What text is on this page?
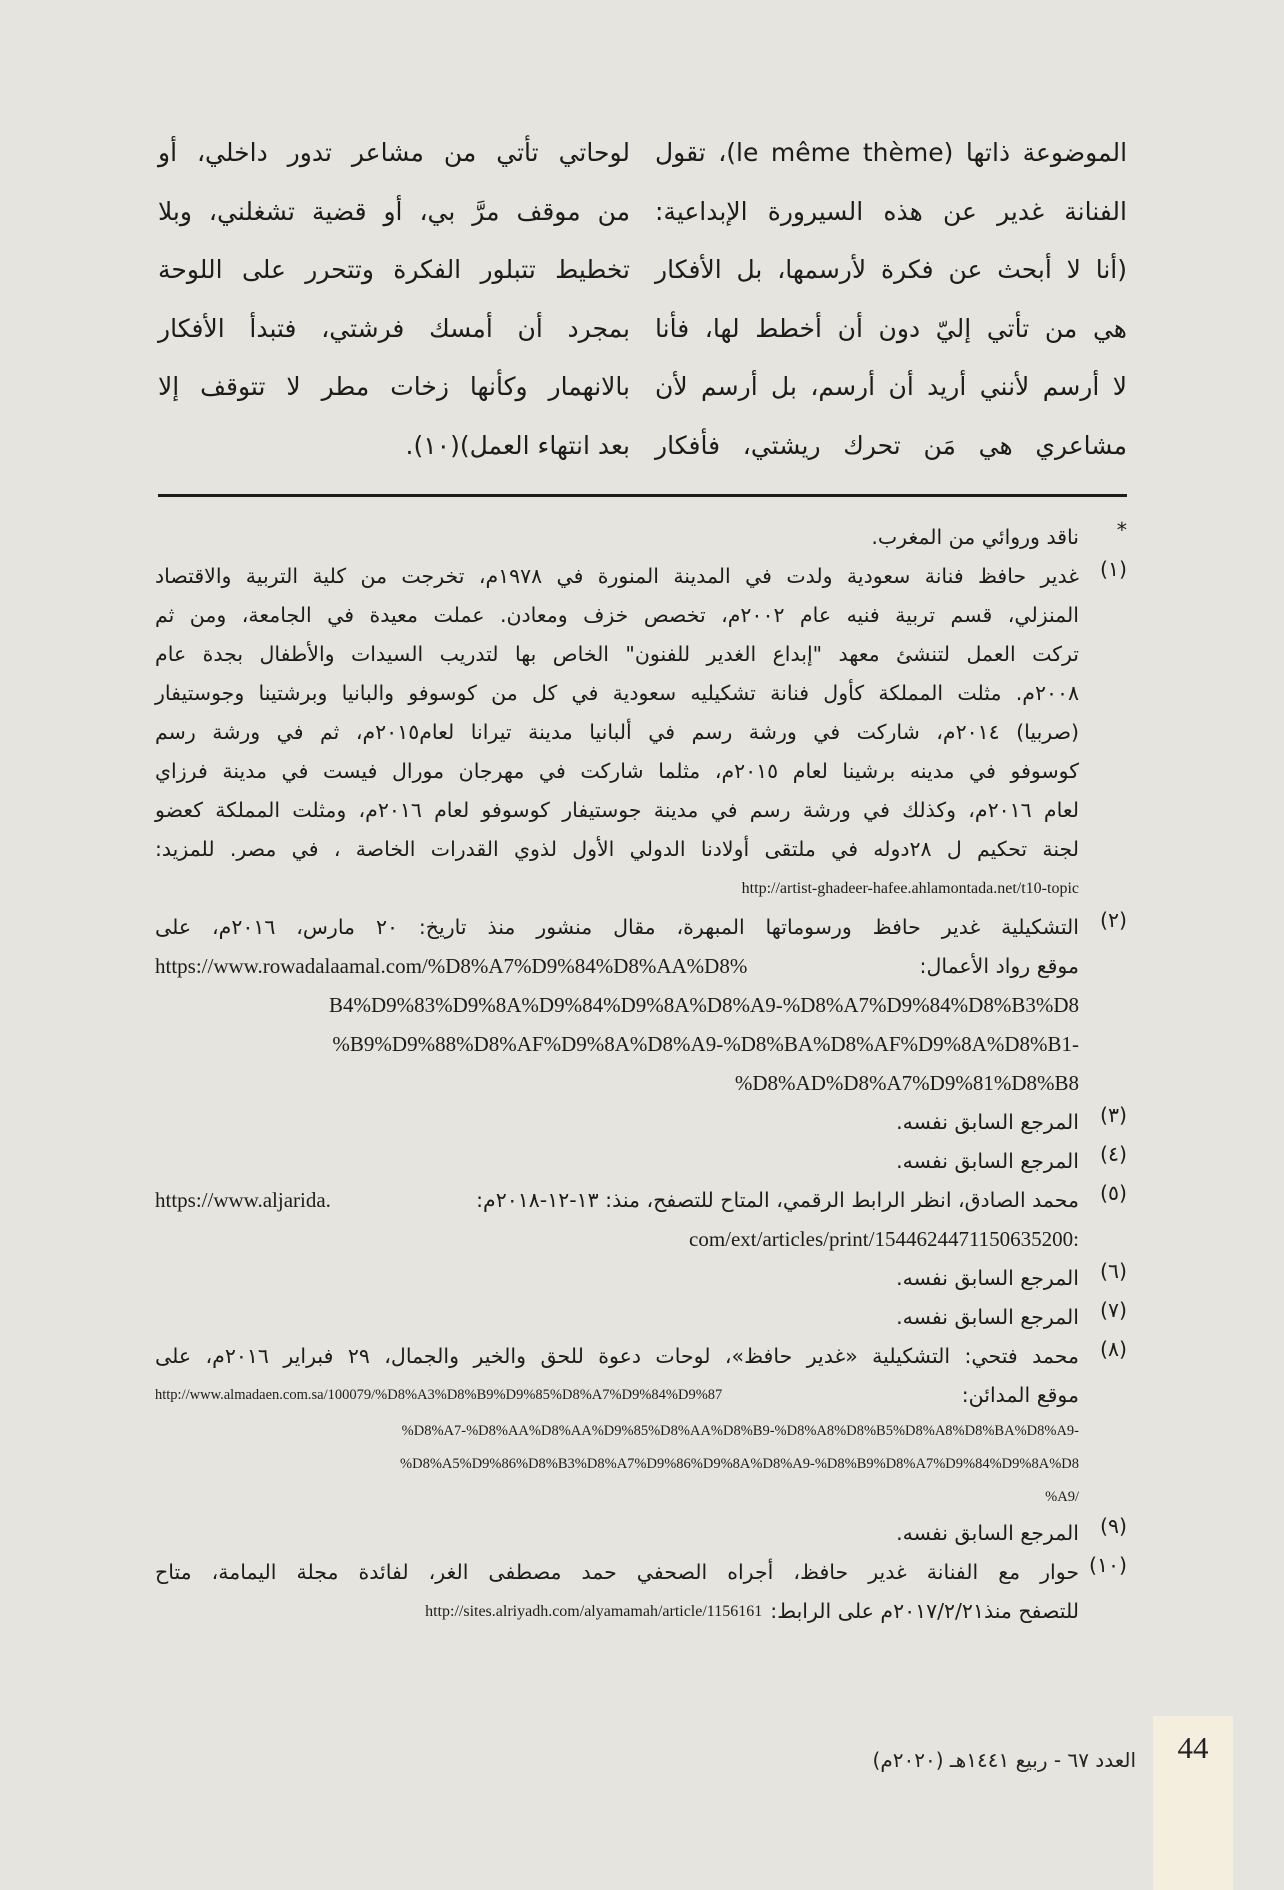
الموضوعة ذاتها (le même thème)، تقول

الفنانة غدير عن هذه السيرورة الإبداعية:

(أنا لا أبحث عن فكرة لأرسمها، بل الأفكار

هي من تأتي إليّ دون أن أخطط لها، فأنا

لا أرسم لأنني أريد أن أرسم، بل أرسم لأن

مشاعري هي مَن تحرك ريشتي، فأفكار

لوحاتي تأتي من مشاعر تدور داخلي، أو

من موقف مرَّ بي، أو قضية تشغلني، وبلا

تخطيط تتبلور الفكرة وتتحرر على اللوحة

بمجرد أن أمسك فرشتي، فتبدأ الأفكار

بالانهمار وكأنها زخات مطر لا تتوقف إلا

بعد انتهاء العمل)(١٠).

*
ناقد وروائي من المغرب.
(١)
غدير حافظ فنانة سعودية ولدت في المدينة المنورة في ١٩٧٨م، تخرجت من كلية التربية والاقتصاد
المنزلي، قسم تربية فنيه عام ٢٠٠٢م، تخصص خزف ومعادن. عملت معيدة في الجامعة، ومن ثم
تركت العمل لتنشئ معهد "إبداع الغدير للفنون" الخاص بها لتدريب السيدات والأطفال بجدة عام
٢٠٠٨م. مثلت المملكة كأول فنانة تشكيليه سعودية في كل من كوسوفو والبانيا وبرشتينا وجوستيفار
(صربيا) ٢٠١٤م، شاركت في ورشة رسم في ألبانيا مدينة تيرانا لعام٢٠١٥م، ثم في ورشة رسم
كوسوفو في مدينه برشينا لعام ٢٠١٥م، مثلما شاركت في مهرجان مورال فيست في مدينة فرزاي
لعام ٢٠١٦م، وكذلك في ورشة رسم في مدينة جوستيفار كوسوفو لعام ٢٠١٦م، ومثلت المملكة كعضو
لجنة تحكيم ل ٢٨دوله في ملتقى أولادنا الدولي الأول لذوي القدرات الخاصة ، في مصر. للمزيد:
http://artist-ghadeer-hafee.ahlamontada.net/t10-topic
(٢)
التشكيلية غدير حافظ ورسوماتها المبهرة، مقال منشور منذ تاريخ: ٢٠ مارس، ٢٠١٦م، على
موقع رواد الأعمال:
https://www.rowadalaamal.com/%D8%A7%D9%84%D8%AA%D8%
B4%D9%83%D9%8A%D9%84%D9%8A%D8%A9-%D8%A7%D9%84%D8%B3%D8
%B9%D9%88%D8%AF%D9%8A%D8%A9-%D8%BA%D8%AF%D9%8A%D8%B1-
%D8%AD%D8%A7%D9%81%D8%B8
(٣)
المرجع السابق نفسه.
(٤)
المرجع السابق نفسه.
(٥)
محمد الصادق، انظر الرابط الرقمي، المتاح للتصفح، منذ: ١٣-١٢-٢٠١٨م:
https://www.aljarida.
com/ext/articles/print/1544624471150635200:
(٦)
المرجع السابق نفسه.
(٧)
المرجع السابق نفسه.
(٨)
محمد فتحي: التشكيلية «غدير حافظ»، لوحات دعوة للحق والخير والجمال، ٢٩ فبراير ٢٠١٦م، على
موقع المدائن:
http://www.almadaen.com.sa/100079/%D8%A3%D8%B9%D9%85%D8%A7%D9%84%D9%87
%D8%A7-%D8%AA%D8%AA%D9%85%D8%AA%D8%B9-%D8%A8%D8%B5%D8%A8%D8%BA%D8%A9-
%D8%A5%D9%86%D8%B3%D8%A7%D9%86%D9%8A%D8%A9-%D8%B9%D8%A7%D9%84%D9%8A%D8
%A9/
(٩)
المرجع السابق نفسه.
(١٠)
حوار مع الفنانة غدير حافظ، أجراه الصحفي حمد مصطفى الغر، لفائدة مجلة اليمامة، متاح
للتصفح منذ٢٠١٧/٢/٢١م على الرابط:
http://sites.alriyadh.com/alyamamah/article/1156161
44
العدد ٦٧ - ربيع ١٤٤١هـ (٢٠٢٠م)
